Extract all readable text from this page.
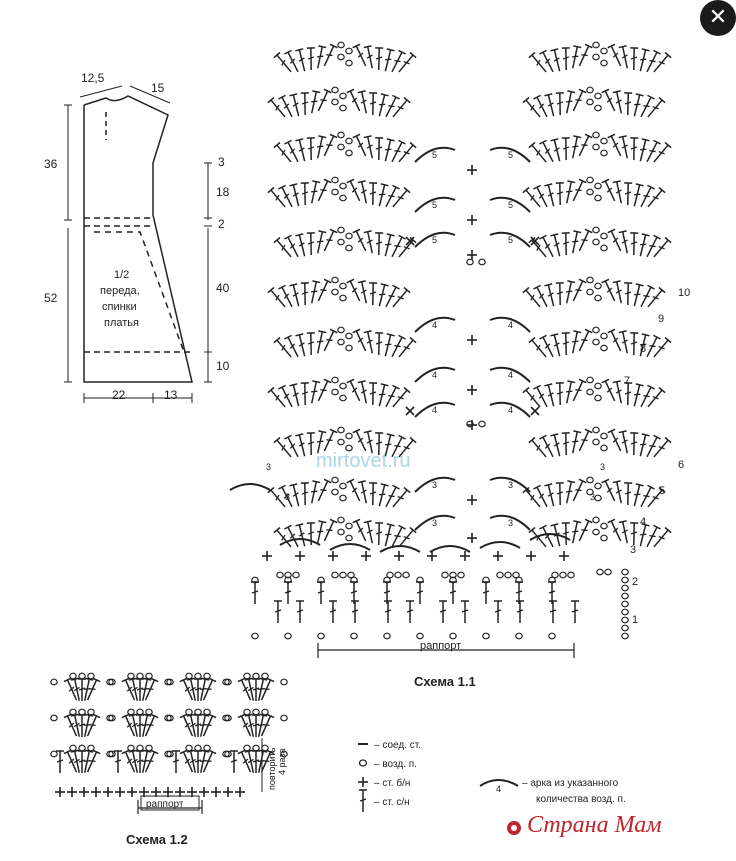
12,5
15
36
52
3
18
2
40
10
22	13
1/2
переда,
спинки
платья
5	5
5	5
5	5
4	4
4	4
4	4
3	3
3	3
3
3
3
3
1
2
3
4
5
6
7
8
9
10
раппорт
Схема 1.1
раппорт
повторить 4 раза
Схема 1.2
– соед. ст.
– возд. п.
– ст. б/н
– ст. с/н
4 – арка из указанного
количества возд. п.
mirtovet.ru
Страна Мам
✕
